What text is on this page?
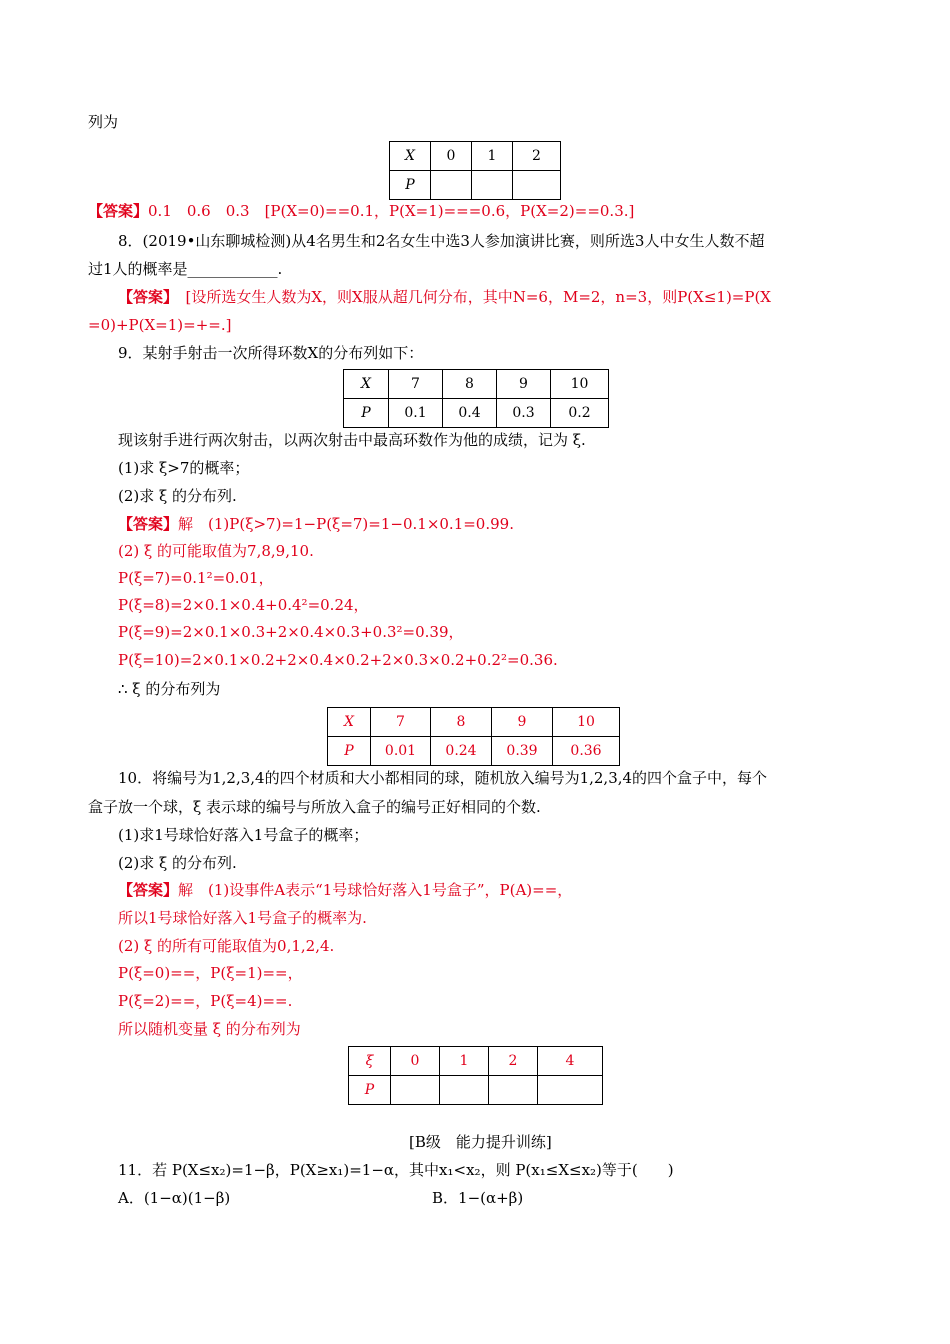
列为
X	0	1	2
P			
【答案】0.1　0.6　0.3　[P(X=0)==0.1，P(X=1)===0.6，P(X=2)==0.3.]
8．(2019•山东聊城检测)从4名男生和2名女生中选3人参加演讲比赛，则所选3人中女生人数不超
过1人的概率是____________.
【答案】　[设所选女生人数为X，则X服从超几何分布，其中N=6，M=2，n=3，则P(X≤1)=P(X
=0)+P(X=1)=+=.]
9．某射手射击一次所得环数X的分布列如下：
X	7	8	9	10
P	0.1	0.4	0.3	0.2
现该射手进行两次射击，以两次射击中最高环数作为他的成绩，记为 ξ.
(1)求 ξ>7的概率；
(2)求 ξ 的分布列.
【答案】解　(1)P(ξ>7)=1−P(ξ=7)=1−0.1×0.1=0.99.
(2) ξ 的可能取值为7,8,9,10.
P(ξ=7)=0.1²=0.01，
P(ξ=8)=2×0.1×0.4+0.4²=0.24，
P(ξ=9)=2×0.1×0.3+2×0.4×0.3+0.3²=0.39，
P(ξ=10)=2×0.1×0.2+2×0.4×0.2+2×0.3×0.2+0.2²=0.36.
∴ ξ 的分布列为
X	7	8	9	10
P	0.01	0.24	0.39	0.36
10．将编号为1,2,3,4的四个材质和大小都相同的球，随机放入编号为1,2,3,4的四个盒子中，每个
盒子放一个球，ξ 表示球的编号与所放入盒子的编号正好相同的个数.
(1)求1号球恰好落入1号盒子的概率；
(2)求 ξ 的分布列.
【答案】解　(1)设事件A表示“1号球恰好落入1号盒子”，P(A)==，
所以1号球恰好落入1号盒子的概率为.
(2) ξ 的所有可能取值为0,1,2,4.
P(ξ=0)==，P(ξ=1)==，
P(ξ=2)==，P(ξ=4)==.
所以随机变量 ξ 的分布列为
ξ	0	1	2	4
P				
[B级　能力提升训练]
11．若 P(X≤x₂)=1−β，P(X≥x₁)=1−α，其中x₁<x₂，则 P(x₁≤X≤x₂)等于(　　)
A．(1−α)(1−β)	B．1−(α+β)
